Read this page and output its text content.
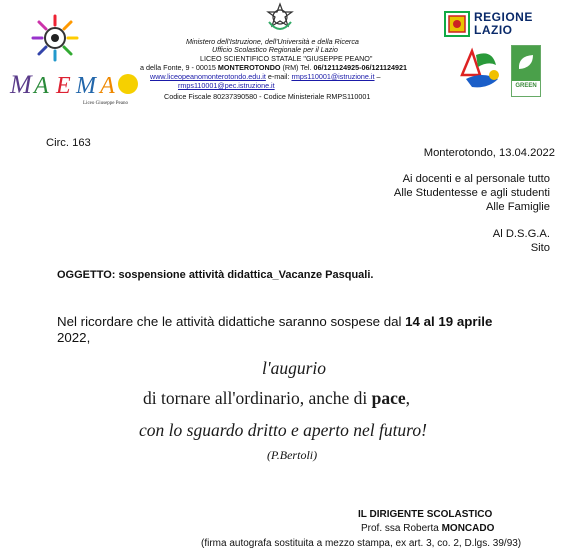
M A E M A
Liceo Giuseppe Peano
Ministero dell'Istruzione, dell'Università e della Ricerca
Ufficio Scolastico Regionale per il Lazio
LICEO SCIENTIFICO STATALE "GIUSEPPE PEANO"
a della Fonte, 9 - 00015 MONTEROTONDO (RM) Tel. 06/121124925-06/121124921
www.liceopeanomonterotondo.edu.it e-mail: rmps110001@istruzione.it –
rmps110001@pec.istruzione.it
Codice Fiscale 80237390580 - Codice Ministeriale RMPS110001
REGIONE
LAZIO
GREEN
Circ. 163
Monterotondo, 13.04.2022
Ai docenti e al personale tutto
Alle Studentesse e agli studenti
Alle Famiglie
Al D.S.G.A.
Sito
OGGETTO: sospensione attività didattica_Vacanze Pasquali.
Nel ricordare che le attività didattiche saranno sospese dal 14 al 19 aprile
2022,
l'augurio
di tornare all'ordinario, anche di pace,
con lo sguardo dritto e aperto nel futuro!
(P.Bertoli)
IL DIRIGENTE SCOLASTICO
Prof. ssa Roberta MONCADO
(firma autografa sostituita a mezzo stampa, ex art. 3, co. 2, D.lgs. 39/93)
